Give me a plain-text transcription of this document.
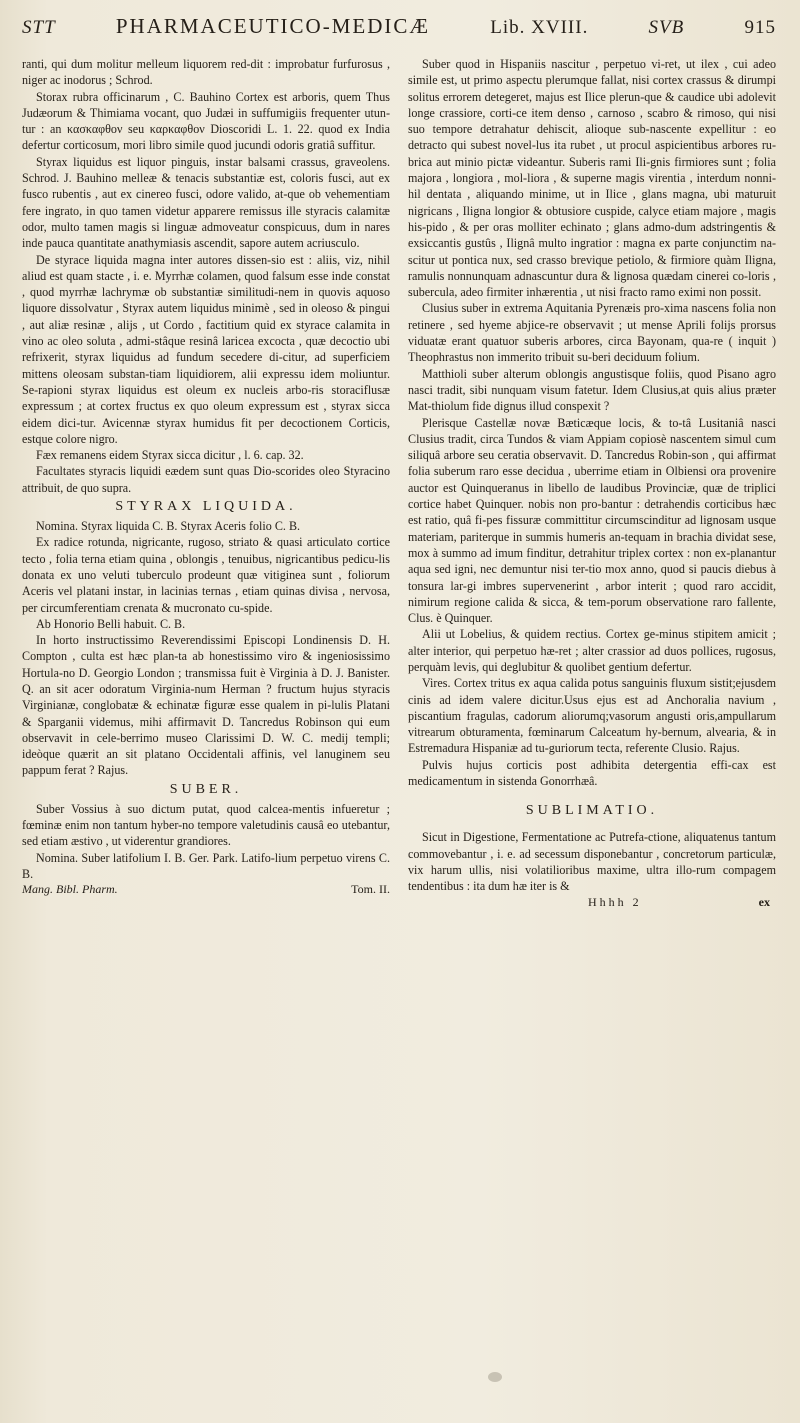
STT	PHARMACEUTICO-MEDICÆ	Lib. XVIII.	SVB	915

ranti, qui dum molitur melleum liquorem red-dit : improbatur furfurosus , niger ac inodorus ; Schrod.

Storax rubra officinarum , C. Bauhino Cortex est arboris, quem Thus Judæorum & Thimiama vocant, quo Judæi in suffumigiis frequenter utun-tur : an κασκαφθον seu καρκαφθον Dioscoridi L. 1. 22. quod ex India defertur corticosum, mori libro simile quod jucundi odoris gratiâ suffitur.

Styrax liquidus est liquor pinguis, instar balsami crassus, graveolens. Schrod. J. Bauhino melleæ & tenacis substantiæ est, coloris fusci, aut ex fusco rubentis , aut ex cinereo fusci, odore valido, at-que ob vehementiam fere ingrato, in quo tamen videtur apparere remissus ille styracis calamitæ odor, multo tamen magis si linguæ admoveatur conspicuus, dum in nares inde pauca quantitate anathymiasis ascendit, sapore autem acriusculo.

De styrace liquida magna inter autores dissen-sio est : aliis, viz, nihil aliud est quam stacte , i. e. Myrrhæ colamen, quod falsum esse inde constat , quod myrrhæ lachrymæ ob substantiæ similitudi-nem in quovis aquoso liquore dissolvatur , Styrax autem liquidus minimè , sed in oleoso & pingui , aut aliæ resinæ , alijs , ut Cordo , factitium quid ex styrace calamita in vino ac oleo soluta , admi-stâque resinâ laricea excocta , quæ decoctio ubi refrixerit, styrax liquidus ad fundum secedere di-citur, ad superficiem mittens oleosam substan-tiam liquidiorem, alii expressu idem moliuntur. Se-rapioni styrax liquidus est oleum ex nucleis arbo-ris storaciflusæ expressum ; at cortex fructus ex quo oleum expressum est , styrax sicca eidem dici-tur. Avicennæ styrax humidus fit per decoctionem Corticis, estque colore nigro.

Fæx remanens eidem Styrax sicca dicitur , l. 6. cap. 32.

Facultates styracis liquidi eædem sunt quas Dio-scorides oleo Styracino attribuit, de quo supra.

STYRAX LIQUIDA.

Nomina. Styrax liquida C. B. Styrax Aceris folio C. B.

Ex radice rotunda, nigricante, rugoso, striato & quasi articulato cortice tecto , folia terna etiam quina , oblongis , tenuibus, nigricantibus pedicu-lis donata ex uno veluti tuberculo prodeunt quæ vitiginea sunt , foliorum Aceris vel platani instar, in lacinias ternas , etiam quinas divisa , nervosa, per circumferentiam crenata & mucronato cu-spide.

Ab Honorio Belli habuit. C. B.

In horto instructissimo Reverendissimi Episcopi Londinensis D. H. Compton , culta est hæc plan-ta ab honestissimo viro & ingeniosissimo Hortula-no D. Georgio London ; transmissa fuit è Virginia à D. J. Banister. Q. an sit acer odoratum Virginia-num Herman ? fructum hujus styracis Virginianæ, conglobatæ & echinatæ figuræ esse qualem in pi-lulis Platani & Sparganii videmus, mihi affirmavit D. Tancredus Robinson qui eum observavit in cele-berrimo museo Clarissimi D. W. C. medij templi; ideòque quærit an sit platano Occidentali affinis, vel lanuginem seu pappum ferat ? Rajus.

SUBER.

Suber Vossius à suo dictum putat, quod calcea-mentis infueretur ; fœminæ enim non tantum hyber-no tempore valetudinis causâ eo utebantur, sed etiam æstivo , ut viderentur grandiores.

Nomina. Suber latifolium I. B. Ger. Park. Latifo-lium perpetuo virens C. B.

Mang. Bibl. Pharm.	Tom. II.

Suber quod in Hispaniis nascitur , perpetuo vi-ret, ut ilex , cui adeo simile est, ut primo aspectu plerumque fallat, nisi cortex crassus & dirumpi solitus errorem detegeret, majus est Ilice plerun-que & caudice ubi adolevit longe crassiore, corti-ce item denso , carnoso , scabro & rimoso, qui nisi suo tempore detrahatur dehiscit, alioque sub-nascente expellitur : eo detracto qui subest novel-lus ita rubet , ut procul aspicientibus arbores ru-brica aut minio pictæ videantur. Suberis rami Ili-gnis firmiores sunt ; folia majora , longiora , mol-liora , & superne magis virentia , interdum nonni-hil dentata , aliquando minime, ut in Ilice , glans magna, ubi maturuit nigricans , Iligna longior & obtusiore cuspide, calyce etiam majore , magis his-pido , & per oras molliter echinato ; glans admo-dum adstringentis & exsiccantis gustûs , Ilignâ multo ingratior : magna ex parte conjunctim na-scitur ut pontica nux, sed crasso brevique petiolo, & firmiore quàm Iligna, ramulis nonnunquam adnascuntur dura & lignosa quædam cinerei co-loris , subercula, adeo firmiter inhærentia , ut nisi fracto ramo eximi non possit.

Clusius suber in extrema Aquitania Pyrenæis pro-xima nascens folia non retinere , sed hyeme abjice-re observavit ; ut mense Aprili folijs prorsus viduatæ erant quatuor suberis arbores, circa Bayonam, qua-re ( inquit ) Theophrastus non immerito tribuit su-beri deciduum folium.

Matthioli suber alterum oblongis angustisque foliis, quod Pisano agro nasci tradit, sibi nunquam visum fatetur. Idem Clusius,at quis alius præter Mat-thiolum fide dignus illud conspexit ?

Plerisque Castellæ novæ Bæticæque locis, & to-tâ Lusitaniâ nasci Clusius tradit, circa Tundos & viam Appiam copiosè nascentem simul cum siliquâ arbore seu ceratia observavit. D. Tancredus Robin-son , qui affirmat folia suberum raro esse decidua , uberrime etiam in Olbiensi ora provenire auctor est Quinqueranus in libello de laudibus Provinciæ, quæ de triplici cortice habet Quinquer. nobis non pro-bantur : detrahendis corticibus hæc est ratio, quâ fi-pes fissuræ committitur circumscinditur ad lignosam usque materiam, pariterque in summis humeris an-tequam in brachia dividat sese, mox à summo ad imum finditur, detrahitur triplex cortex : non ex-planantur aqua sed igni, nec demuntur nisi ter-tio mox anno, quod si paucis diebus à tonsura lar-gi imbres supervenerint , arbor interit ; quod raro accidit, nimirum regione calida & sicca, & tem-porum observatione raro fallente, Clus. è Quinquer.

Alii ut Lobelius, & quidem rectius. Cortex ge-minus stipitem amicit ; alter interior, qui perpetuo hæ-ret ; alter crassior ad duos pollices, rugosus, perquàm levis, qui deglubitur & quolibet gentium defertur.

Vires. Cortex tritus ex aqua calida potus sanguinis fluxum sistit;ejusdem cinis ad idem valere dicitur.Usus ejus est ad Anchoralia navium , piscantium fragulas, cadorum aliorumq;vasorum angusti oris,ampullarum vitrearum obturamenta, fœminarum Calceatum hy-bernum, alvearia, & in Estremadura Hispaniæ ad tu-guriorum tecta, referente Clusio. Rajus.

Pulvis hujus corticis post adhibita detergentia effi-cax est medicamentum in sistenda Gonorrhæâ.

SUBLIMATIO.

Sicut in Digestione, Fermentatione ac Putrefa-ctione, aliquatenus tantum commovebantur , i. e. ad secessum disponebantur , concretorum particulæ, vix harum ullis, nisi volatilioribus maxime, ultra illo-rum compagem tendentibus : ita dum hæ iter is &

Hhhh 2	ex
